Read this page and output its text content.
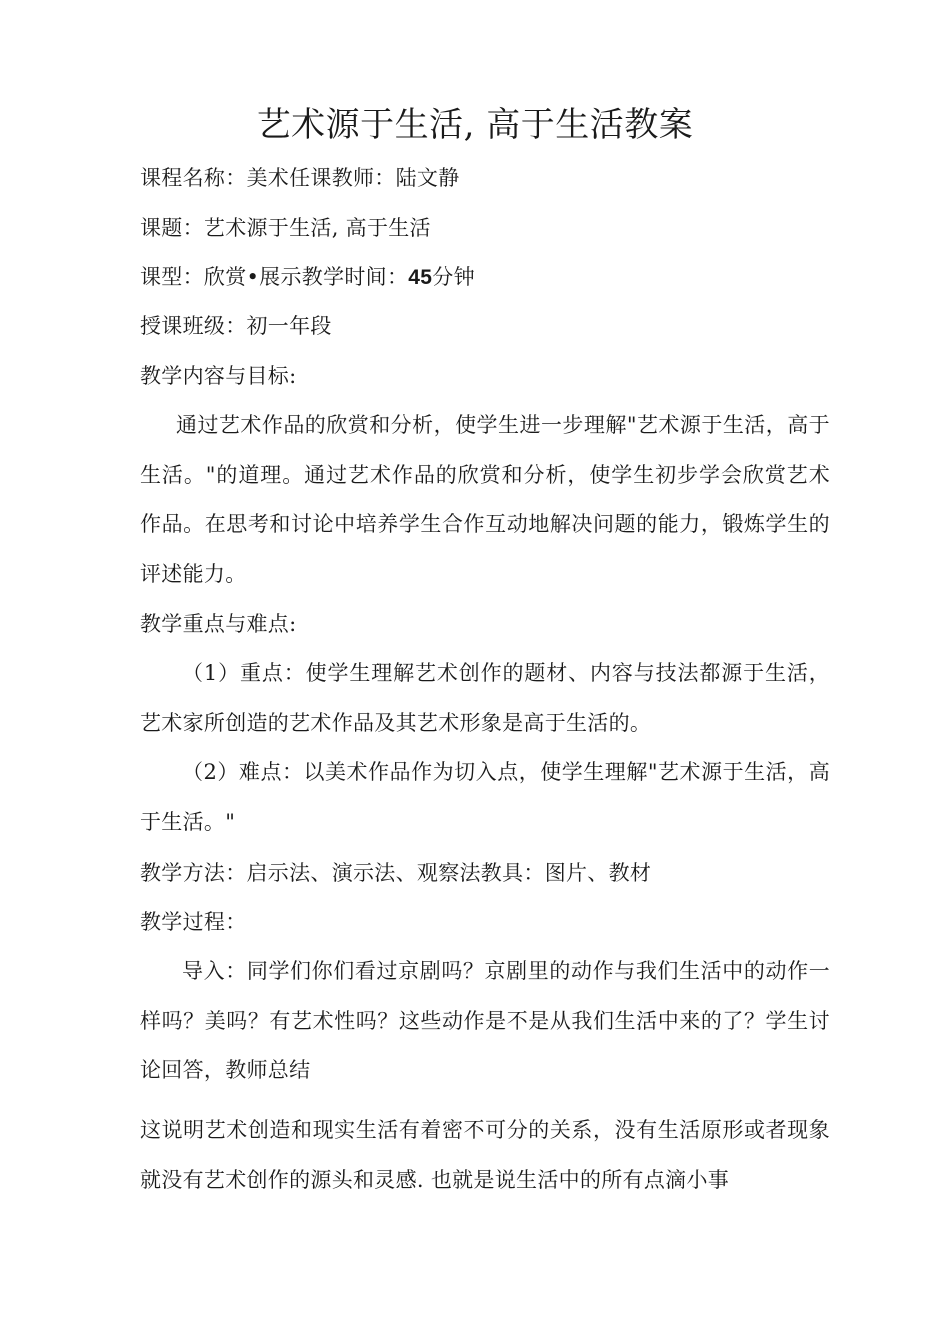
艺术源于生活, 高于生活教案
课程名称：美术任课教师：陆文静
课题：艺术源于生活, 高于生活
课型：欣赏•展示教学时间：45分钟
授课班级：初一年段
教学内容与目标:
通过艺术作品的欣赏和分析，使学生进一步理解"艺术源于生活，高于生活。"的道理。通过艺术作品的欣赏和分析，使学生初步学会欣赏艺术作品。在思考和讨论中培养学生合作互动地解决问题的能力，锻炼学生的评述能力。
教学重点与难点:
（1）重点：使学生理解艺术创作的题材、内容与技法都源于生活，艺术家所创造的艺术作品及其艺术形象是高于生活的。
（2）难点：以美术作品作为切入点，使学生理解"艺术源于生活，高于生活。"
教学方法：启示法、演示法、观察法教具：图片、教材
教学过程：
导入：同学们你们看过京剧吗？京剧里的动作与我们生活中的动作一样吗？美吗？有艺术性吗？这些动作是不是从我们生活中来的了？学生讨论回答，教师总结
这说明艺术创造和现实生活有着密不可分的关系，没有生活原形或者现象就没有艺术创作的源头和灵感. 也就是说生活中的所有点滴小事
